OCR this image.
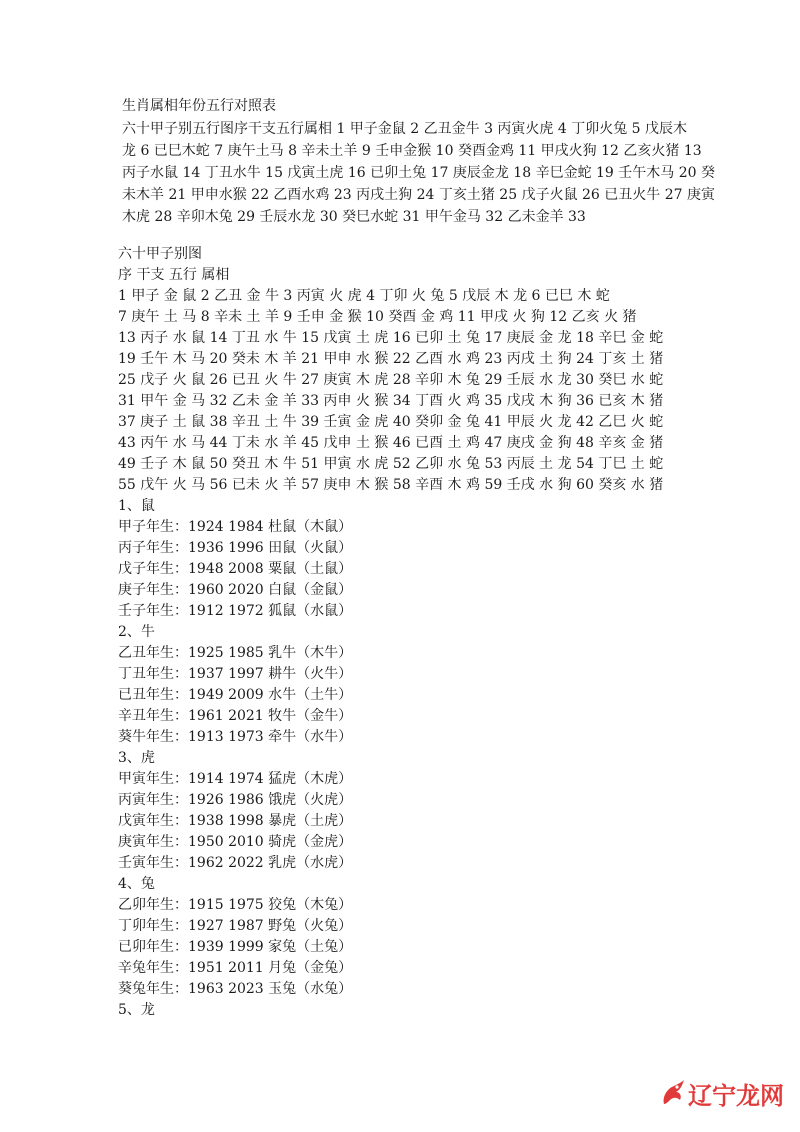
生肖属相年份五行对照表
六十甲子别五行图序干支五行属相 1 甲子金鼠 2 乙丑金牛 3 丙寅火虎 4 丁卯火兔 5 戊辰木
龙 6 已巳木蛇 7 庚午土马 8 辛未土羊 9 壬申金猴 10 癸酉金鸡 11 甲戌火狗 12 乙亥火猪 13
丙子水鼠 14 丁丑水牛 15 戊寅土虎 16 已卯土兔 17 庚辰金龙 18 辛巳金蛇 19 壬午木马 20 癸
未木羊 21 甲申水猴 22 乙酉水鸡 23 丙戌土狗 24 丁亥土猪 25 戊子火鼠 26 已丑火牛 27 庚寅
木虎 28 辛卯木兔 29 壬辰水龙 30 癸巳水蛇 31 甲午金马 32 乙未金羊 33
六十甲子别图
序 干支 五行 属相
1 甲子 金 鼠 2 乙丑 金 牛 3 丙寅 火 虎 4 丁卯 火 兔 5 戊辰 木 龙 6 已巳 木 蛇
7 庚午 土 马 8 辛未 土 羊 9 壬申 金 猴 10 癸酉 金 鸡 11 甲戌 火 狗 12 乙亥 火 猪
13 丙子 水 鼠 14 丁丑 水 牛 15 戊寅 土 虎 16 已卯 土 兔 17 庚辰 金 龙 18 辛巳 金 蛇
19 壬午 木 马 20 癸未 木 羊 21 甲申 水 猴 22 乙酉 水 鸡 23 丙戌 土 狗 24 丁亥 土 猪
25 戊子 火 鼠 26 已丑 火 牛 27 庚寅 木 虎 28 辛卯 木 兔 29 壬辰 水 龙 30 癸巳 水 蛇
31 甲午 金 马 32 乙未 金 羊 33 丙申 火 猴 34 丁酉 火 鸡 35 戊戌 木 狗 36 已亥 木 猪
37 庚子 土 鼠 38 辛丑 土 牛 39 壬寅 金 虎 40 癸卯 金 兔 41 甲辰 火 龙 42 乙巳 火 蛇
43 丙午 水 马 44 丁未 水 羊 45 戊申 土 猴 46 已酉 土 鸡 47 庚戌 金 狗 48 辛亥 金 猪
49 壬子 木 鼠 50 癸丑 木 牛 51 甲寅 水 虎 52 乙卯 水 兔 53 丙辰 土 龙 54 丁巳 土 蛇
55 戊午 火 马 56 已未 火 羊 57 庚申 木 猴 58 辛酉 木 鸡 59 壬戌 水 狗 60 癸亥 水 猪
1、鼠
甲子年生：1924 1984 杜鼠（木鼠）
丙子年生：1936 1996 田鼠（火鼠）
戊子年生：1948 2008 粟鼠（土鼠）
庚子年生：1960 2020 白鼠（金鼠）
壬子年生：1912 1972 狐鼠（水鼠）
2、牛
乙丑年生：1925 1985 乳牛（木牛）
丁丑年生：1937 1997 耕牛（火牛）
已丑年生：1949 2009 水牛（土牛）
辛丑年生：1961 2021 牧牛（金牛）
葵牛年生：1913 1973 牵牛（水牛）
3、虎
甲寅年生：1914 1974 猛虎（木虎）
丙寅年生：1926 1986 饿虎（火虎）
戊寅年生：1938 1998 暴虎（土虎）
庚寅年生：1950 2010 骑虎（金虎）
壬寅年生：1962 2022 乳虎（水虎）
4、兔
乙卯年生：1915 1975 狡兔（木兔）
丁卯年生：1927 1987 野兔（火兔）
已卯年生：1939 1999 家兔（土兔）
辛兔年生：1951 2011 月兔（金兔）
葵兔年生：1963 2023 玉兔（水兔）
5、龙
辽宁龙网
